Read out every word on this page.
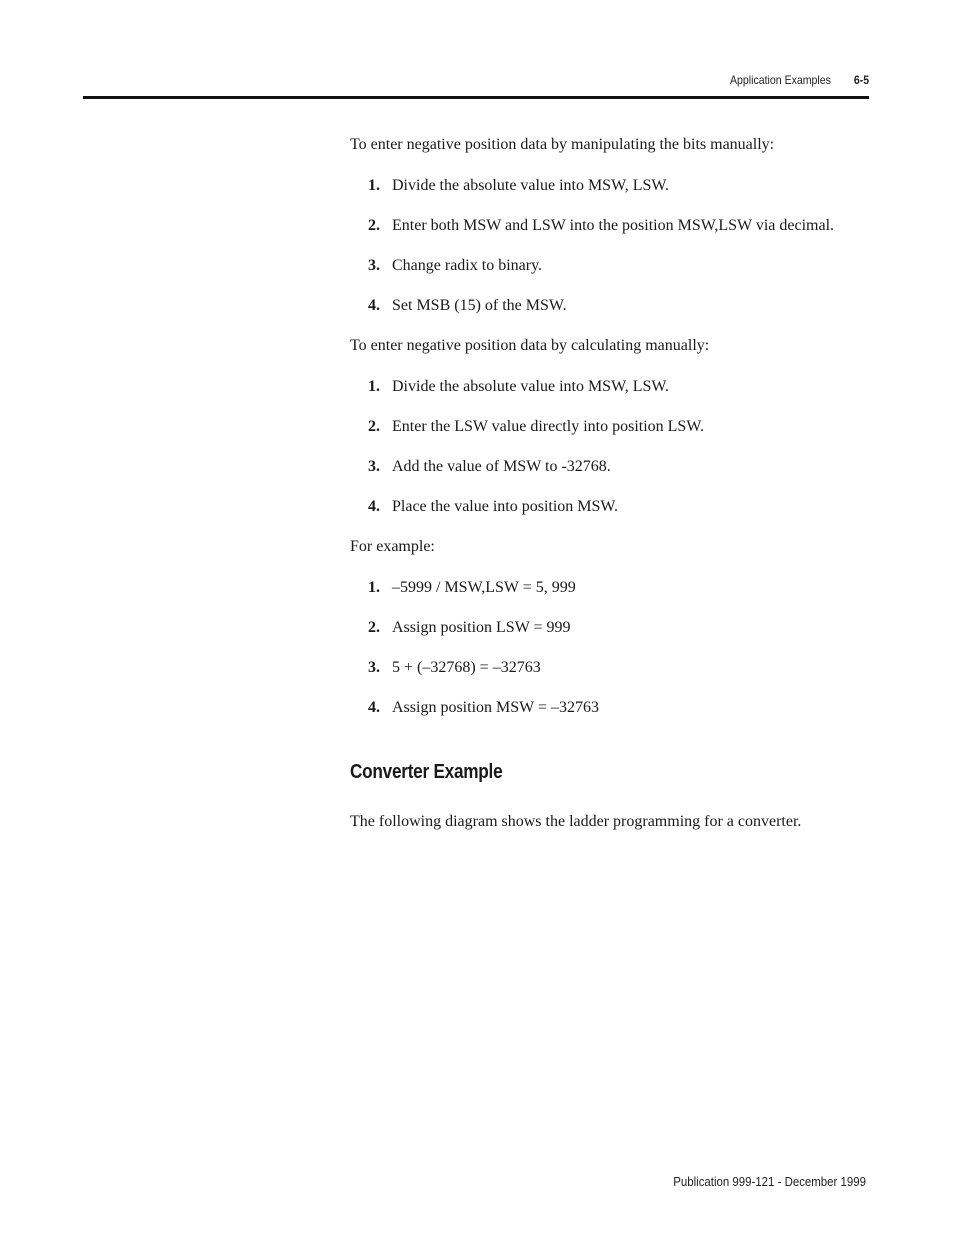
Application Examples 6-5

To enter negative position data by manipulating the bits manually:

1. Divide the absolute value into MSW, LSW.
2. Enter both MSW and LSW into the position MSW,LSW via decimal.
3. Change radix to binary.
4. Set MSB (15) of the MSW.

To enter negative position data by calculating manually:

1. Divide the absolute value into MSW, LSW.
2. Enter the LSW value directly into position LSW.
3. Add the value of MSW to -32768.
4. Place the value into position MSW.

For example:

1. –5999 / MSW,LSW = 5, 999
2. Assign position LSW = 999
3. 5 + (–32768) = –32763
4. Assign position MSW = –32763
Converter Example

The following diagram shows the ladder programming for a converter.

Publication 999-121 - December 1999
